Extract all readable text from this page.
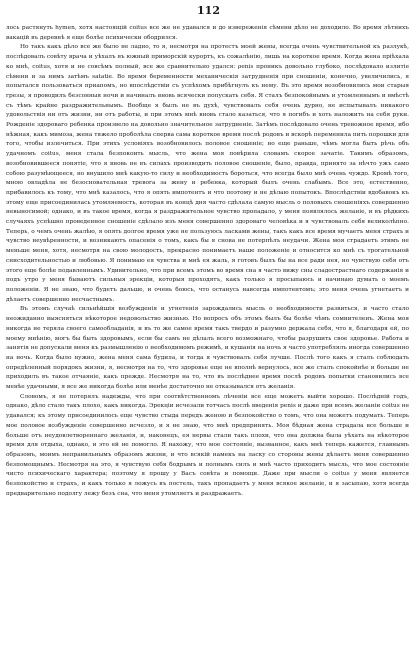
112

лось растянуть hymen, хотя настоящій coitus все же не удавался и до извереженія сѣмени дѣло не доходило. Во время лѣтнихъ вакацій въ деревнѣ я еще болѣе психически ободрился.

Но такъ какъ дѣло все же было не ладно, то я, несмотря на протестъ моей жены, всегда очень чувствительной къ разлукѣ, послѣдовалъ совѣту врача и уѣхалъ въ южный приморскій курортъ, къ сожалѣнію, лишь на короткое время. Когда жена пріѣхала ко мнѣ, coitus, хотя и не совсѣмъ полный, все же сравнительно удался: ρeniѕ проникъ довольно глубоко, послѣдовало излитіе сѣмени и за нимъ затѣмъ satatie. Во время беременности механическія затрудненія при сношеніи, конечно, увеличились, я попытался пользоваться приапомъ, но впослѣдствіи съ успѣхомъ прибѣгнулъ къ нему. Въ это время возобновились мои старыя грезы, я проводилъ безсонныя ночи и начиналъ вновь всячески попускать себя. Я сталъ безпокойнымъ и утомленнымъ и вмѣстѣ съ тѣмъ крайне раздражительнымъ. Вообще я былъ не въ духѣ, чувствовалъ себя очень дурно, не испытывалъ никакого удовольствія ни отъ жизни, ни отъ работы, и при этомъ мнѣ вновь стало казаться, что я погибъ и хоть наложить на себя руки. Рожденіе здороваго ребенка произвело на довольно значительное затрудненіе. Затѣмъ послѣдовало очень тревожное время, ибо нѣжная, какъ мимоза, жена тяжело проболѣла сперва сама короткое время послѣ родовъ и вскорѣ переменила пить порошки для того, чтобы излечиться. При этихъ условіяхъ возобновилось половое сношеніе; но еще раньше, чѣмъ могла быть рѣчь объ удачномъ coitus, меня стала безпокоить мысль, что жена моя повѣрила словамъ скорое зачатіе. Такимъ образомъ, возобновившееся понятіе, что я вновь не въ силахъ производить половое сношеніе, было, правда, принято за нѣчто ужъ само собою разумѣющееся, но внушило мнѣ какую-то силу и необходимость бороться, что всегда было мнѣ очень чуждо. Кромѣ того, мною овладѣла не безосновательная тревога за жену и ребенка, который былъ очень слабымъ. Все это, естественно, прибавилось къ тому, что мнѣ казалось, что я опять импотентъ и что поэтому и не дѣлаю попытокъ. Впослѣдствіи вдобавокъ къ этому еще присоединилась утомляемость, которая въ концѣ дня часто сдѣлала самую мысль о половыхъ сношеніяхъ совершенно невыносимой; однако, и въ такое время, когда я раздражительное чувство пропадало, у меня появлялось желаніе, и въ рѣдкихъ случаяхъ успѣшно проведенное сношеніе сдѣлало изъ меня совершенно здороваго человѣка и я чувствовалъ себя великолѣпно. Теперь, о чемъ очень жалѣю, я опять долгое время уже не пользуюсь ласками жены, такъ какъ все время мучаетъ меня страхъ и чувство неувѣренности, и возникаютъ опасенія о томъ, какъ бы я снова не потерпѣлъ неудачи. Жена моя страдаетъ этимъ не меньше меня, хотя, несмотря на свою молодость, прекрасно понимаетъ наше положеніе и относится ко мнѣ съ трогательной снисходительностью и любовью. Я понимаю ея чувства и мнѣ ея жаль, я готовъ былъ бы на все ради нея, но чувствую себя отъ этого еще болѣе подавленнымъ. Удивительно, что при всемъ этомъ во время сна я часто вижу сны сладострастнаго содержанія и подъ утро у меня бываютъ сильныя эрекціи, которыя проходятъ, какъ только я просыпаюсь и начинаю думать о моемъ положеніи. Я не знаю, что будетъ дальше, и очень боюсь, что останусь навсегда импотентомъ; это меня очень угнетаетъ и дѣлаетъ совершенно несчастнымъ.

Въ этомъ случаѣ сильнѣйшія возбужденія и угнетенія зарождались мысль о необходимости развиться, и часто стало неожиданно выясняться нѣкоторое недовольство жизнью. Но вопросъ объ этомъ былъ бы болѣе чѣмъ сомнителенъ. Жена моя никогда не теряла своего самообладанія, и въ то же самое время такъ твердо и разумно держала себя, что я, благодаря ей, по моему мнѣнію, могъ бы быть здоровымъ, если бы самъ не дѣлалъ всего возможнаго, чтобы разрушить свое здоровье. Работа и занятія не допускали меня къ размышленію о необходимомъ режимѣ, и кушанія на ночь я часто употреблялъ иногда совершенно на ночь. Когда было нужно, жена меня сама будила, и тогда я чувствовалъ себя лучше. Послѣ того какъ я сталъ соблюдать опредѣленный порядокъ жизни, я, несмотря на то, что здоровье еще не вполнѣ вернулось, все же сталъ спокойнѣе и больше не приходилъ въ такое отчаяніе, какъ прежде. Несмотря на то, что въ послѣднее время послѣ родовъ попытки становились все менѣе удачными, я все же никогда болѣе или менѣе достаточно не отказывался отъ желанія.

Словомъ, я не потерялъ надежды, что при соотвѣтственномъ лѣченіи все еще можетъ выйти хорошо. Послѣдній годъ, однако, дѣло стало такъ плохо, какъ никогда. Эрекціи исчезали тотчасъ послѣ введенія penis и даже при всемъ желаніи coitus не удавался; къ этому присоединилось еще чувство стыда передъ женою и безпокойство о томъ, что она можетъ подумать. Теперь мое половое возбужденіе совершенно исчезло, и я не знаю, что мнѣ предпринять. Моя бѣдная жена страдала все больше и больше отъ неудовлетвореннаго желанія, и, наконецъ, ея нервы стали такъ плохи, что она должна была уѣхать на нѣкоторое время для отдыха, однако, и это ей не помогло. Я нахожу, что мое состояніе, вызванное, какъ мнѣ теперь кажется, главнымъ образомъ, моимъ неправильнымъ образомъ жизни, и что всякій намекъ на ласку со стороны жены дѣлаетъ меня совершенно безпомощнымъ. Несмотря на это, я чувствую себя бодрымъ и полнымъ силъ и мнѣ часто приходитъ мысль, что мое состояніе чисто психическаго характера; поэтому я прошу у Васъ совѣта и помощи. Даже при мысли о coitus у меня является безпокойство и страхъ, и какъ только я ложусь въ постель, такъ пропадаетъ у меня всякое желаніе, и я засыпаю, хотя всегда предварительно подолгу лежу безъ сна, что меня утомляетъ и раздражаетъ.
